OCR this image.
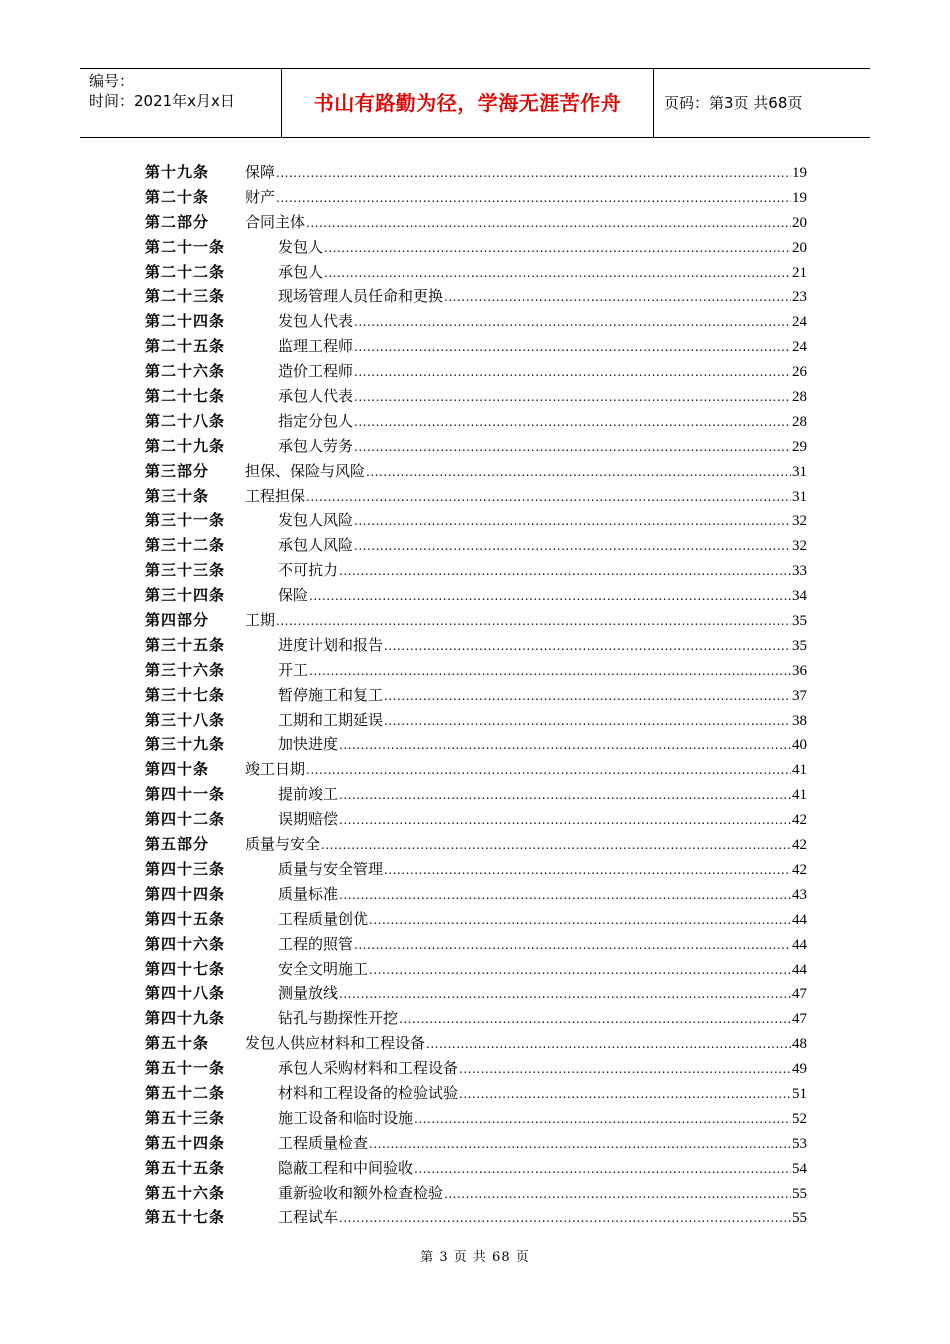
编号：
时间：2021年x月x日	书山有路勤为径，学海无涯苦作舟	页码：第3页 共68页
第十九条 保障 .....	19
第二十条 财产 .....	19
第二部分 合同主体 .....	20
第二十一条	发包人 .....	20
第二十二条	承包人 .....	21
第二十三条	现场管理人员任命和更换 .....	23
第二十四条	发包人代表 .....	24
第二十五条	监理工程师 .....	24
第二十六条	造价工程师 .....	26
第二十七条	承包人代表 .....	28
第二十八条	指定分包人 .....	28
第二十九条	承包人劳务 .....	29
第三部分 担保、保险与风险 .....	31
第三十条 工程担保 .....	31
第三十一条	发包人风险 .....	32
第三十二条	承包人风险 .....	32
第三十三条	不可抗力 .....	33
第三十四条	保险 .....	34
第四部分 工期 .....	35
第三十五条	进度计划和报告 .....	35
第三十六条	开工 .....	36
第三十七条	暂停施工和复工 .....	37
第三十八条	工期和工期延误 .....	38
第三十九条	加快进度 .....	40
第四十条 竣工日期 .....	41
第四十一条	提前竣工 .....	41
第四十二条	误期赔偿 .....	42
第五部分 质量与安全 .....	42
第四十三条	质量与安全管理 .....	42
第四十四条	质量标准 .....	43
第四十五条	工程质量创优 .....	44
第四十六条	工程的照管 .....	44
第四十七条	安全文明施工 .....	44
第四十八条	测量放线 .....	47
第四十九条	钻孔与勘探性开挖 .....	47
第五十条 发包人供应材料和工程设备 .....	48
第五十一条	承包人采购材料和工程设备 .....	49
第五十二条	材料和工程设备的检验试验 .....	51
第五十三条	施工设备和临时设施 .....	52
第五十四条	工程质量检查 .....	53
第五十五条	隐蔽工程和中间验收 .....	54
第五十六条	重新验收和额外检查检验 .....	55
第五十七条	工程试车 .....	55
第 3 页 共 68 页
